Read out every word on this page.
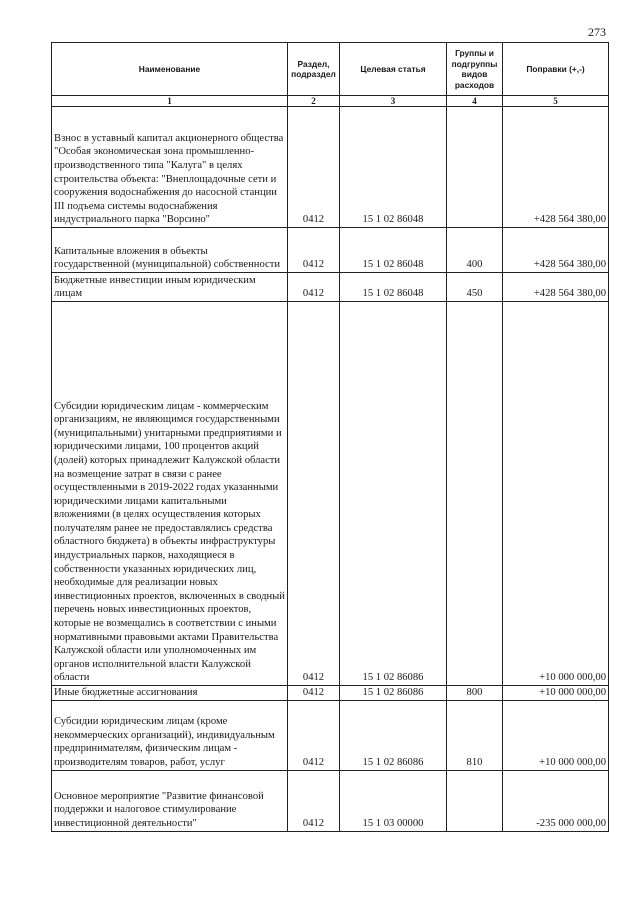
273
Наименование	Раздел, подраздел	Целевая статья	Группы и подгруппы видов расходов	Поправки (+,-)
1	2	3	4	5
Взнос в уставный капитал акционерного общества "Особая экономическая зона промышленно-производственного типа "Калуга" в целях строительства объекта: "Внеплощадочные сети и сооружения водоснабжения до насосной станции III подъема системы водоснабжения индустриального парка "Ворсино"	0412	15 1 02 86048		+428 564 380,00
Капитальные вложения в объекты государственной (муниципальной) собственности	0412	15 1 02 86048	400	+428 564 380,00
Бюджетные инвестиции иным юридическим лицам	0412	15 1 02 86048	450	+428 564 380,00
Субсидии юридическим лицам - коммерческим организациям, не являющимся государственными (муниципальными) унитарными предприятиями и юридическими лицами, 100 процентов акций (долей) которых принадлежит Калужской области на возмещение затрат в связи с ранее осуществленными в 2019-2022 годах указанными юридическими лицами капитальными вложениями (в целях осуществления которых получателям ранее не предоставлялись средства областного бюджета) в объекты инфраструктуры индустриальных парков, находящиеся в собственности указанных юридических лиц, необходимые для реализации новых инвестиционных проектов, включенных в сводный перечень новых инвестиционных проектов, которые не возмещались в соответствии с иными нормативными правовыми актами Правительства Калужской области или уполномоченных им органов исполнительной власти Калужской области	0412	15 1 02 86086		+10 000 000,00
Иные бюджетные ассигнования	0412	15 1 02 86086	800	+10 000 000,00
Субсидии юридическим лицам (кроме некоммерческих организаций), индивидуальным предпринимателям, физическим лицам - производителям товаров, работ, услуг	0412	15 1 02 86086	810	+10 000 000,00
Основное мероприятие "Развитие финансовой поддержки и налоговое стимулирование инвестиционной деятельности"	0412	15 1 03 00000		-235 000 000,00
